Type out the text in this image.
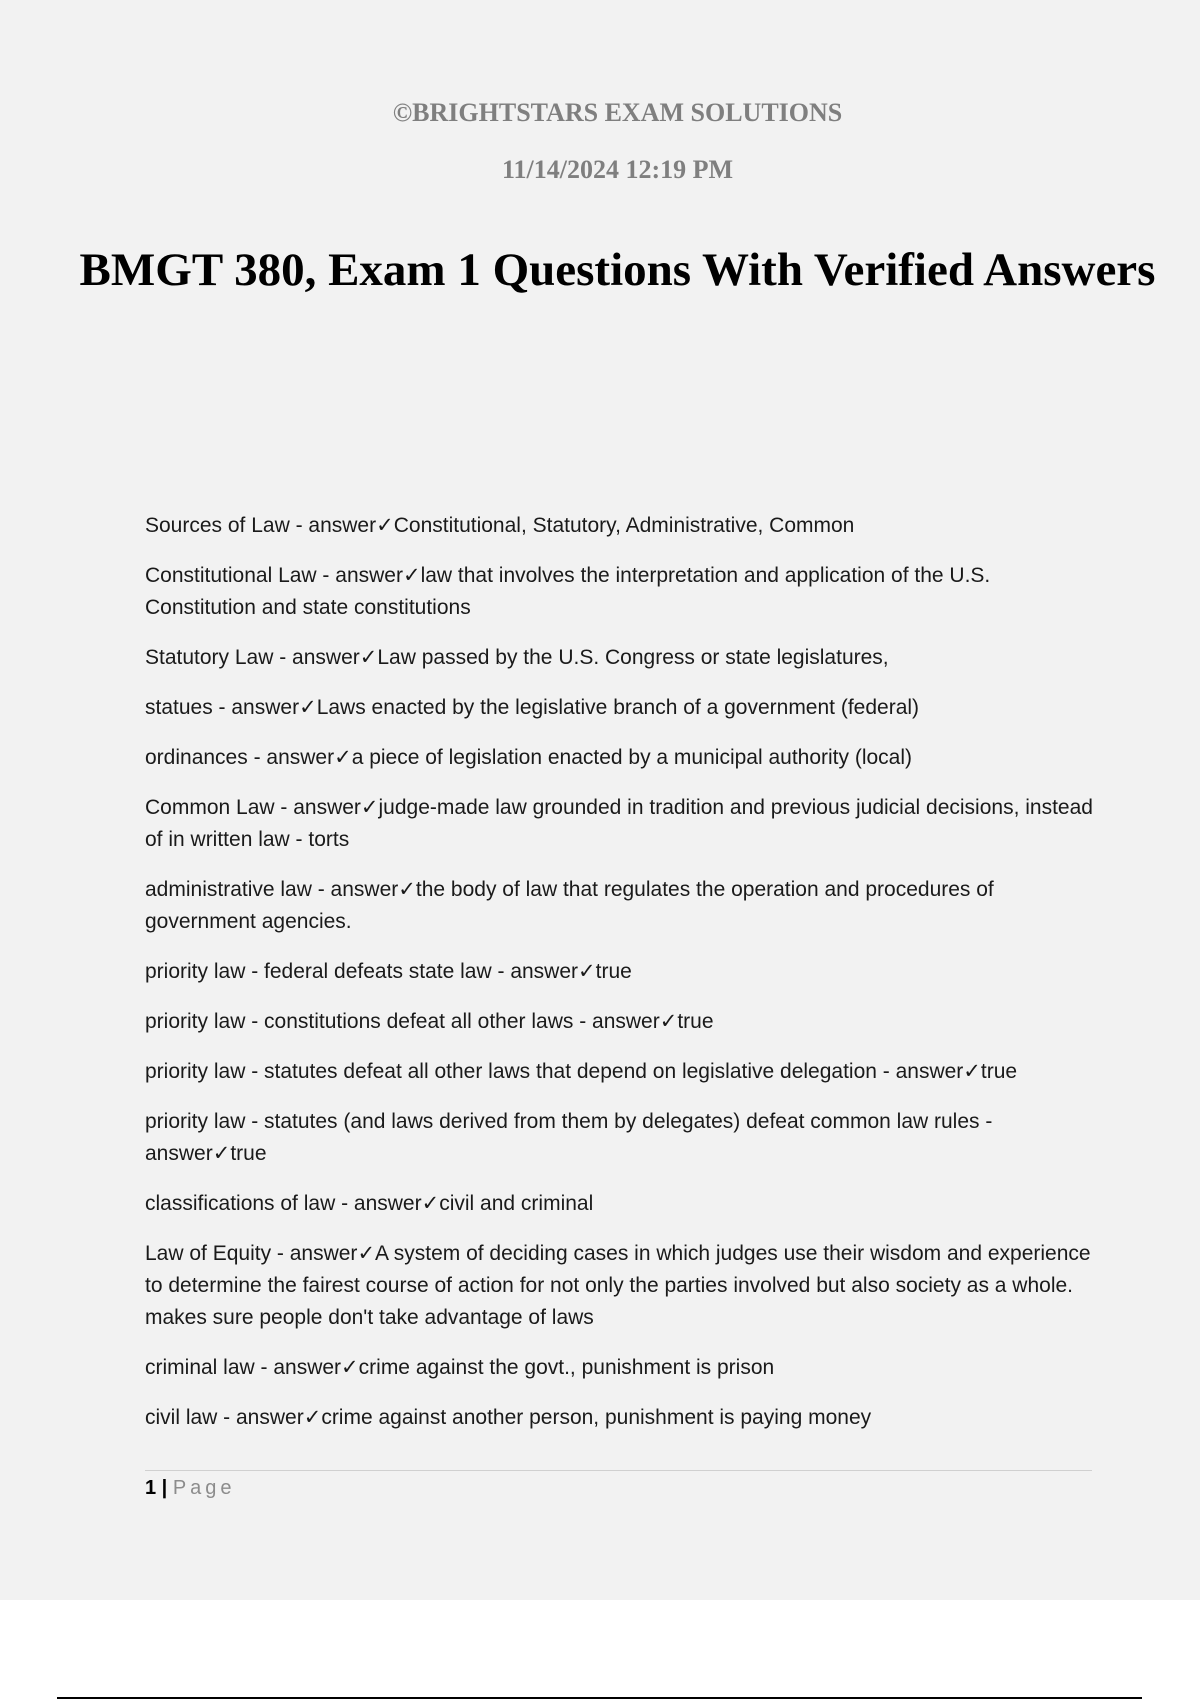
©BRIGHTSTARS EXAM SOLUTIONS
11/14/2024 12:19 PM
BMGT 380, Exam 1 Questions With Verified Answers

Sources of Law - answer✓Constitutional, Statutory, Administrative, Common

Constitutional Law - answer✓law that involves the interpretation and application of the U.S. Constitution and state constitutions

Statutory Law - answer✓Law passed by the U.S. Congress or state legislatures,

statues - answer✓Laws enacted by the legislative branch of a government (federal)

ordinances - answer✓a piece of legislation enacted by a municipal authority (local)

Common Law - answer✓judge-made law grounded in tradition and previous judicial decisions, instead of in written law - torts

administrative law - answer✓the body of law that regulates the operation and procedures of government agencies.

priority law - federal defeats state law - answer✓true

priority law - constitutions defeat all other laws - answer✓true

priority law - statutes defeat all other laws that depend on legislative delegation - answer✓true

priority law - statutes (and laws derived from them by delegates) defeat common law rules - answer✓true

classifications of law - answer✓civil and criminal

Law of Equity - answer✓A system of deciding cases in which judges use their wisdom and experience to determine the fairest course of action for not only the parties involved but also society as a whole. makes sure people don't take advantage of laws

criminal law - answer✓crime against the govt., punishment is prison

civil law - answer✓crime against another person, punishment is paying money

1 | Page
